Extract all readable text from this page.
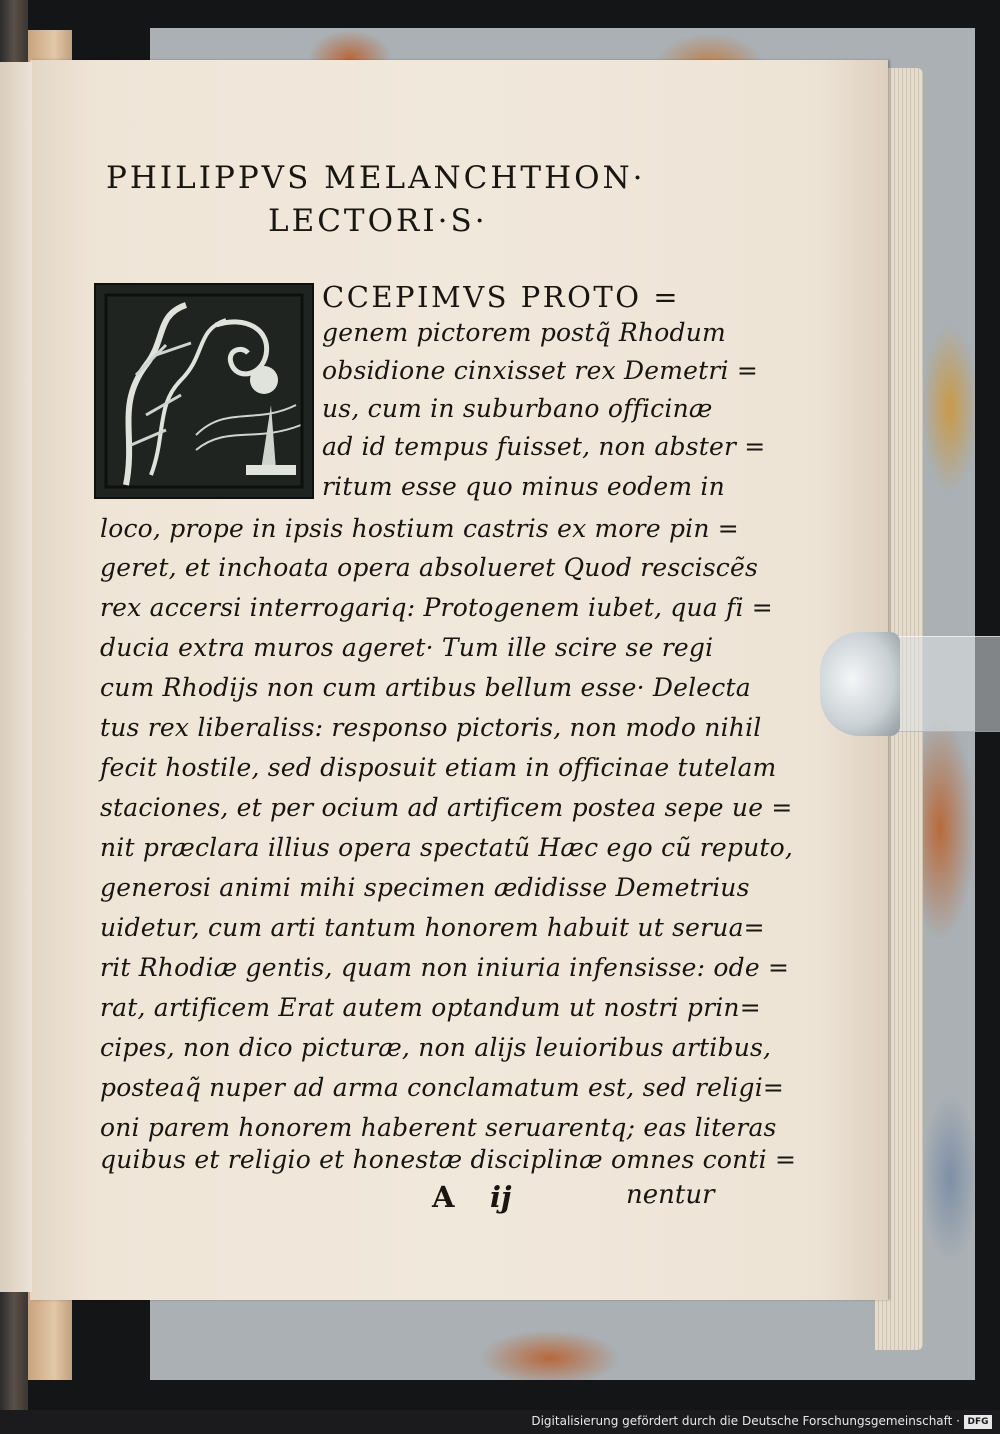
PHILIPPVS MELANCHTHON·
LECTORI·S·
CCEPIMVS PROTO =
genem pictorem postq̃ Rhodum
obsidione cinxisset rex Demetri =
us, cum in suburbano officinæ
ad id tempus fuisset, non abster =
ritum esse quo minus eodem in
loco, prope in ipsis hostium castris ex more pin =
geret, et inchoata opera absolueret Quod resciscẽs
rex accersi interrogariq: Protogenem iubet, qua fi =
ducia extra muros ageret· Tum ille scire se regi
cum Rhodijs non cum artibus bellum esse· Delecta
tus rex liberaliss: responso pictoris, non modo nihil
fecit hostile, sed disposuit etiam in officinae tutelam
staciones, et per ocium ad artificem postea sepe ue =
nit præclara illius opera spectatũ Hæc ego cũ reputo,
generosi animi mihi specimen ædidisse Demetrius
uidetur, cum arti tantum honorem habuit ut serua=
rit Rhodiæ gentis, quam non iniuria infensisse: ode =
rat, artificem Erat autem optandum ut nostri prin=
cipes, non dico picturæ, non alijs leuioribus artibus,
posteaq̃ nuper ad arma conclamatum est, sed religi=
oni parem honorem haberent seruarentq; eas literas
quibus et religio et honestæ disciplinæ omnes conti =
A ij	nentur
Digitalisierung gefördert durch die Deutsche Forschungsgemeinschaft · DFG
